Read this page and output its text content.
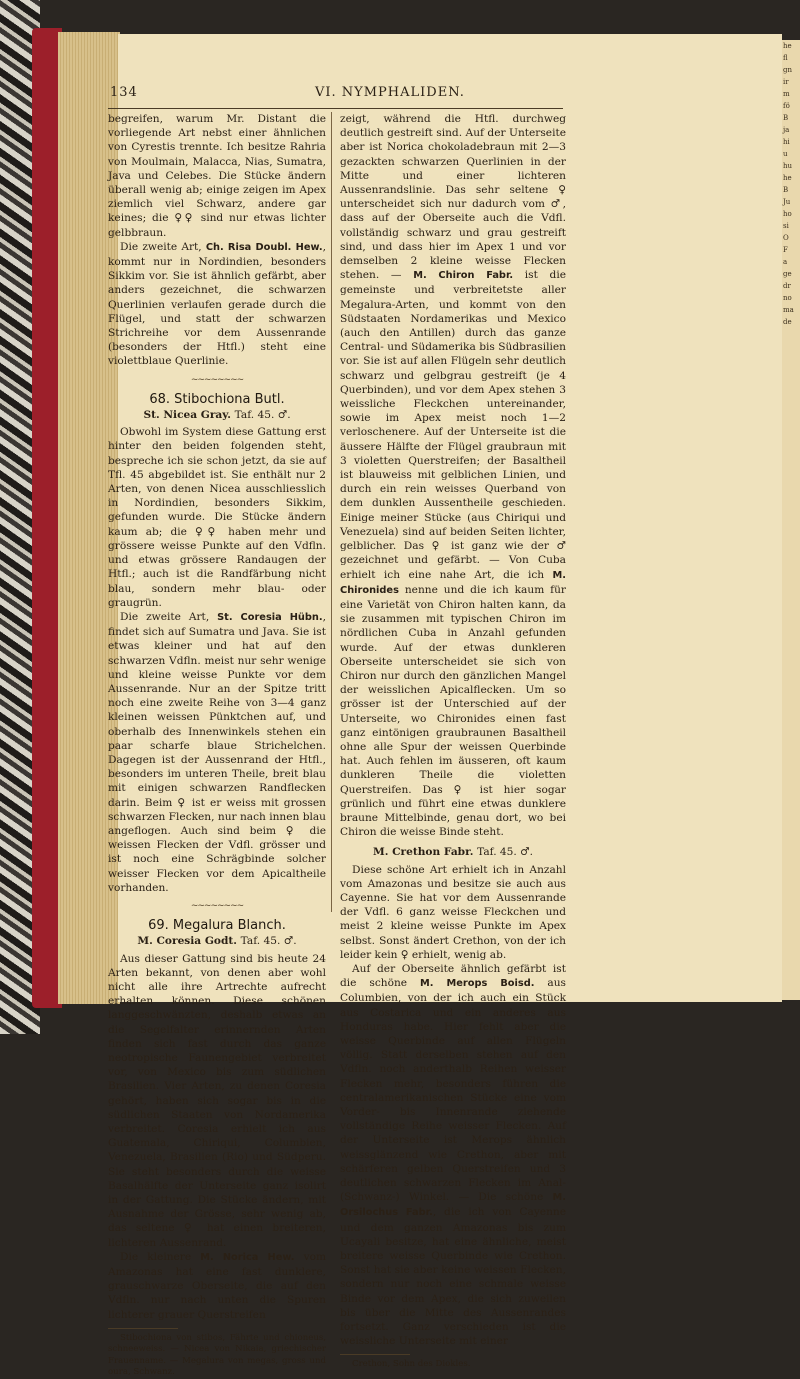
he
fl
gn
ir
m
fö
B
ja
hi
u
hu
he
B
Ju
ho
si
O
F
a
ge
dr
no
ma
de
134	VI. NYMPHALIDEN.

begreifen, warum Mr. Distant die vorliegende Art nebst einer ähnlichen von Cyrestis trennte. Ich besitze Rahria von Moulmain, Malacca, Nias, Sumatra, Java und Celebes. Die Stücke ändern überall wenig ab; einige zeigen im Apex ziemlich viel Schwarz, andere gar keines; die ♀♀ sind nur etwas lichter gelbbraun.

Die zweite Art, Ch. Risa Doubl. Hew., kommt nur in Nordindien, besonders Sikkim vor. Sie ist ähnlich gefärbt, aber anders gezeichnet, die schwarzen Querlinien verlaufen gerade durch die Flügel, und statt der schwarzen Strichreihe vor dem Aussenrande (besonders der Htfl.) steht eine violettblaue Querlinie.

~~~~~~~~
68. Stibochiona Butl.
St. Nicea Gray. Taf. 45. ♂.

Obwohl im System diese Gattung erst hinter den beiden folgenden steht, bespreche ich sie schon jetzt, da sie auf Tfl. 45 abgebildet ist. Sie enthält nur 2 Arten, von denen Nicea ausschliesslich in Nordindien, besonders Sikkim, gefunden wurde. Die Stücke ändern kaum ab; die ♀♀ haben mehr und grössere weisse Punkte auf den Vdfln. und etwas grössere Randaugen der Htfl.; auch ist die Randfärbung nicht blau, sondern mehr blau- oder graugrün.

Die zweite Art, St. Coresia Hübn., findet sich auf Sumatra und Java. Sie ist etwas kleiner und hat auf den schwarzen Vdfln. meist nur sehr wenige und kleine weisse Punkte vor dem Aussenrande. Nur an der Spitze tritt noch eine zweite Reihe von 3—4 ganz kleinen weissen Pünktchen auf, und oberhalb des Innenwinkels stehen ein paar scharfe blaue Strichelchen. Dagegen ist der Aussenrand der Htfl., besonders im unteren Theile, breit blau mit einigen schwarzen Randflecken darin. Beim ♀ ist er weiss mit grossen schwarzen Flecken, nur nach innen blau angeflogen. Auch sind beim ♀ die weissen Flecken der Vdfl. grösser und ist noch eine Schrägbinde solcher weisser Flecken vor dem Apicaltheile vorhanden.

~~~~~~~~
69. Megalura Blanch.
M. Coresia Godt. Taf. 45. ♂.

Aus dieser Gattung sind bis heute 24 Arten bekannt, von denen aber wohl nicht alle ihre Artrechte aufrecht erhalten können. Diese schönen langgeschwänzten, deshalb etwas an die Segelfalter erinnernden Arten finden sich fast durch das ganze neotropische Faunengebiet verbreitet vor, von Mexico bis zum südlichen Brasilien. Vier Arten, zu denen Coresia gehört, haben sich sogar bis in die südlichen Staaten von Nordamerika verbreitet. Coresia erhielt ich aus Guatemala, Chiriqui, Columbien, Venezuela, Brasilien (Rio) und Südperu. Sie steht besonders durch die weisse Basalhälfte der Unterseite ganz isolirt in der Gattung. Die Stücke ändern, mit Ausnahme der Grösse, sehr wenig ab, das seltene ♀ hat einen breiteren, lichteren Aussenrand.

Die kleinere M. Norica Hew. vom Amazonas hat eine fast dunklere, grauschwarze Oberseite, die auf den Vdfln. nur nach unten die Spuren lichterer grauer Querstreifen

Stibochiona von stibos, Fährte und chioneus, schneeweiss. — Nicea von Nikaia, griechischer Frauenname. — Megalura von megas, gross und oura, Schwanz.

zeigt, während die Htfl. durchweg deutlich gestreift sind. Auf der Unterseite aber ist Norica chokoladebraun mit 2—3 gezackten schwarzen Querlinien in der Mitte und einer lichteren Aussenrandslinie. Das sehr seltene ♀ unterscheidet sich nur dadurch vom ♂, dass auf der Oberseite auch die Vdfl. vollständig schwarz und grau gestreift sind, und dass hier im Apex 1 und vor demselben 2 kleine weisse Flecken stehen. — M. Chiron Fabr. ist die gemeinste und verbreitetste aller Megalura-Arten, und kommt von den Südstaaten Nordamerikas und Mexico (auch den Antillen) durch das ganze Central- und Südamerika bis Südbrasilien vor. Sie ist auf allen Flügeln sehr deutlich schwarz und gelbgrau gestreift (je 4 Querbinden), und vor dem Apex stehen 3 weissliche Fleckchen untereinander, sowie im Apex meist noch 1—2 verloschenere. Auf der Unterseite ist die äussere Hälfte der Flügel graubraun mit 3 violetten Querstreifen; der Basaltheil ist blauweiss mit gelblichen Linien, und durch ein rein weisses Querband von dem dunklen Aussentheile geschieden. Einige meiner Stücke (aus Chiriqui und Venezuela) sind auf beiden Seiten lichter, gelblicher. Das ♀ ist ganz wie der ♂ gezeichnet und gefärbt. — Von Cuba erhielt ich eine nahe Art, die ich M. Chironides nenne und die ich kaum für eine Varietät von Chiron halten kann, da sie zusammen mit typischen Chiron im nördlichen Cuba in Anzahl gefunden wurde. Auf der etwas dunkleren Oberseite unterscheidet sie sich von Chiron nur durch den gänzlichen Mangel der weisslichen Apicalflecken. Um so grösser ist der Unterschied auf der Unterseite, wo Chironides einen fast ganz eintönigen graubraunen Basaltheil ohne alle Spur der weissen Querbinde hat. Auch fehlen im äusseren, oft kaum dunkleren Theile die violetten Querstreifen. Das ♀ ist hier sogar grünlich und führt eine etwas dunklere braune Mittelbinde, genau dort, wo bei Chiron die weisse Binde steht.

M. Crethon Fabr. Taf. 45. ♂.

Diese schöne Art erhielt ich in Anzahl vom Amazonas und besitze sie auch aus Cayenne. Sie hat vor dem Aussenrande der Vdfl. 6 ganz weisse Fleckchen und meist 2 kleine weisse Punkte im Apex selbst. Sonst ändert Crethon, von der ich leider kein ♀ erhielt, wenig ab.

Auf der Oberseite ähnlich gefärbt ist die schöne M. Merops Boisd. aus Columbien, von der ich auch ein Stück aus Costarica und ein anderes aus Honduras habe. Hier fehlt aber die weisse Querbinde auf allen Flügeln völlig. Statt derselben stehen auf den Vdfln. noch anderthalb Reihen weisser Flecken mehr, besonders führen die centralamerikanischen Stücke eine vom Vorder- bis Innenrande ziehende vollständige Reihe weisser Flecken. Auf der Unterseite ist Merops ähnlich weissglänzend wie Crethon, aber mit schärferen gelben Querstreifen und 3 deutlichen schwarzen Flecken im Anal- (Schwanz-) Winkel. — Die schöne M. Orsilochus Fabr., die ich von Cayenne und dem ganzen Amazonas bis zum Ucayali besitze, hat eine ähnliche, meist breitere weisse Querbinde wie Crethon. Sonst hat sie aber keine weissen Flecken, sondern nur noch eine schmale weisse Binde vor dem Apex, die sich zuweilen bis über die Mitte des Aussenrandes fortsetzt. Ganz verschieden ist die weissliche Unterseite mit einer

Crethon, Sohn des Diokles.
